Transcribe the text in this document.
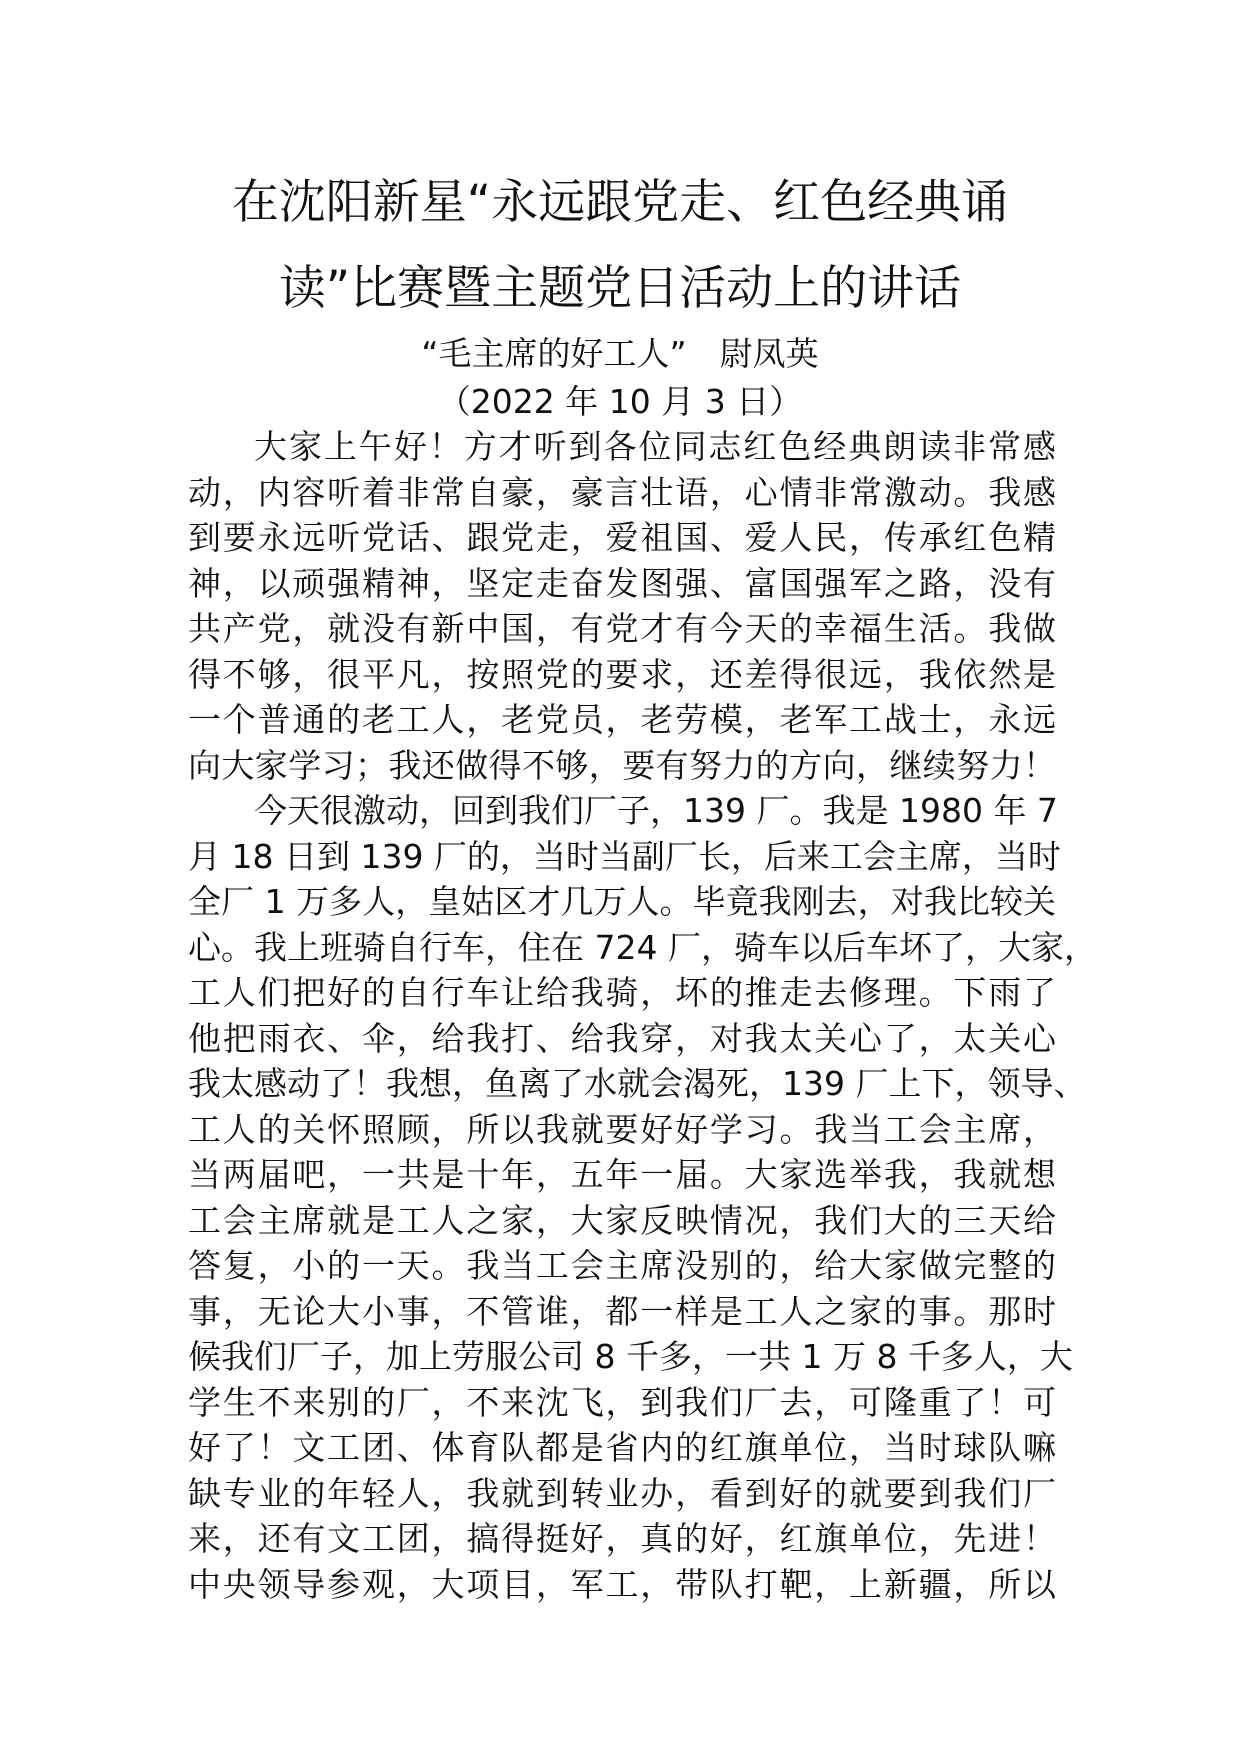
在沈阳新星“永远跟党走、红色经典诵
读”比赛暨主题党日活动上的讲话
“毛主席的好工人”　尉凤英
（2022 年 10 月 3 日）
大家上午好！方才听到各位同志红色经典朗读非常感
动，内容听着非常自豪，豪言壮语，心情非常激动。我感
到要永远听党话、跟党走，爱祖国、爱人民，传承红色精
神，以顽强精神，坚定走奋发图强、富国强军之路，没有
共产党，就没有新中国，有党才有今天的幸福生活。我做
得不够，很平凡，按照党的要求，还差得很远，我依然是
一个普通的老工人，老党员，老劳模，老军工战士，永远
向大家学习；我还做得不够，要有努力的方向，继续努力！
今天很激动，回到我们厂子，139 厂。我是 1980 年 7
月 18 日到 139 厂的，当时当副厂长，后来工会主席，当时
全厂 1 万多人，皇姑区才几万人。毕竟我刚去，对我比较关
心。我上班骑自行车，住在 724 厂，骑车以后车坏了，大家，
工人们把好的自行车让给我骑，坏的推走去修理。下雨了
他把雨衣、伞，给我打、给我穿，对我太关心了，太关心
我太感动了！我想，鱼离了水就会渴死，139 厂上下，领导、
工人的关怀照顾，所以我就要好好学习。我当工会主席，
当两届吧，一共是十年，五年一届。大家选举我，我就想
工会主席就是工人之家，大家反映情况，我们大的三天给
答复，小的一天。我当工会主席没别的，给大家做完整的
事，无论大小事，不管谁，都一样是工人之家的事。那时
候我们厂子，加上劳服公司 8 千多，一共 1 万 8 千多人，大
学生不来别的厂，不来沈飞，到我们厂去，可隆重了！可
好了！文工团、体育队都是省内的红旗单位，当时球队嘛
缺专业的年轻人，我就到转业办，看到好的就要到我们厂
来，还有文工团，搞得挺好，真的好，红旗单位，先进！
中央领导参观，大项目，军工，带队打靶，上新疆，所以
